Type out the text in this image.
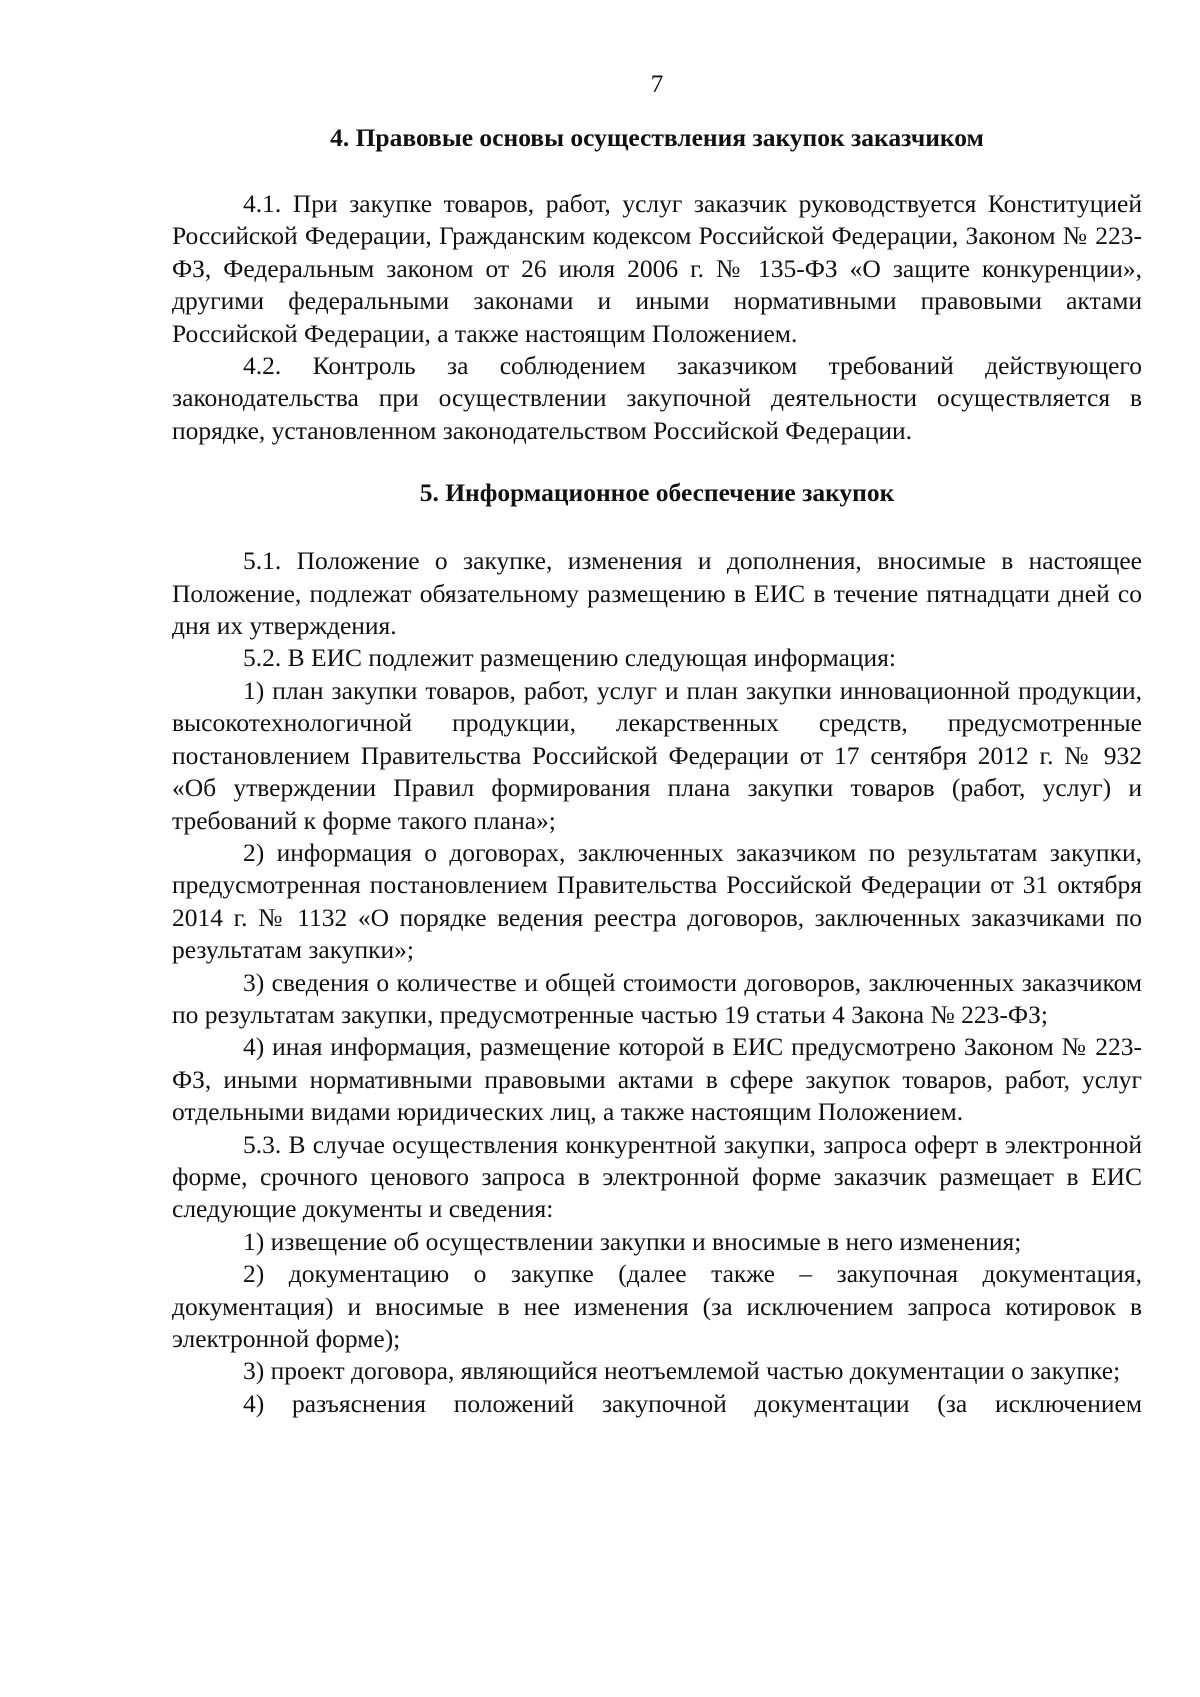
7
4. Правовые основы осуществления закупок заказчиком

4.1. При закупке товаров, работ, услуг заказчик руководствуется Конституцией Российской Федерации, Гражданским кодексом Российской Федерации, Законом № 223-ФЗ, Федеральным законом от 26 июля 2006 г. № 135-ФЗ «О защите конкуренции», другими федеральными законами и иными нормативными правовыми актами Российской Федерации, а также настоящим Положением.

4.2. Контроль за соблюдением заказчиком требований действующего законодательства при осуществлении закупочной деятельности осуществляется в порядке, установленном законодательством Российской Федерации.

5. Информационное обеспечение закупок

5.1. Положение о закупке, изменения и дополнения, вносимые в настоящее Положение, подлежат обязательному размещению в ЕИС в течение пятнадцати дней со дня их утверждения.

5.2. В ЕИС подлежит размещению следующая информация:

1) план закупки товаров, работ, услуг и план закупки инновационной продукции, высокотехнологичной продукции, лекарственных средств, предусмотренные постановлением Правительства Российской Федерации от 17 сентября 2012 г. № 932 «Об утверждении Правил формирования плана закупки товаров (работ, услуг) и требований к форме такого плана»;

2) информация о договорах, заключенных заказчиком по результатам закупки, предусмотренная постановлением Правительства Российской Федерации от 31 октября 2014 г. № 1132 «О порядке ведения реестра договоров, заключенных заказчиками по результатам закупки»;

3) сведения о количестве и общей стоимости договоров, заключенных заказчиком по результатам закупки, предусмотренные частью 19 статьи 4 Закона № 223-ФЗ;

4) иная информация, размещение которой в ЕИС предусмотрено Законом № 223-ФЗ, иными нормативными правовыми актами в сфере закупок товаров, работ, услуг отдельными видами юридических лиц, а также настоящим Положением.

5.3. В случае осуществления конкурентной закупки, запроса оферт в электронной форме, срочного ценового запроса в электронной форме заказчик размещает в ЕИС следующие документы и сведения:

1) извещение об осуществлении закупки и вносимые в него изменения;

2) документацию о закупке (далее также – закупочная документация, документация) и вносимые в нее изменения (за исключением запроса котировок в электронной форме);

3) проект договора, являющийся неотъемлемой частью документации о закупке;

4) разъяснения положений закупочной документации (за исключением
